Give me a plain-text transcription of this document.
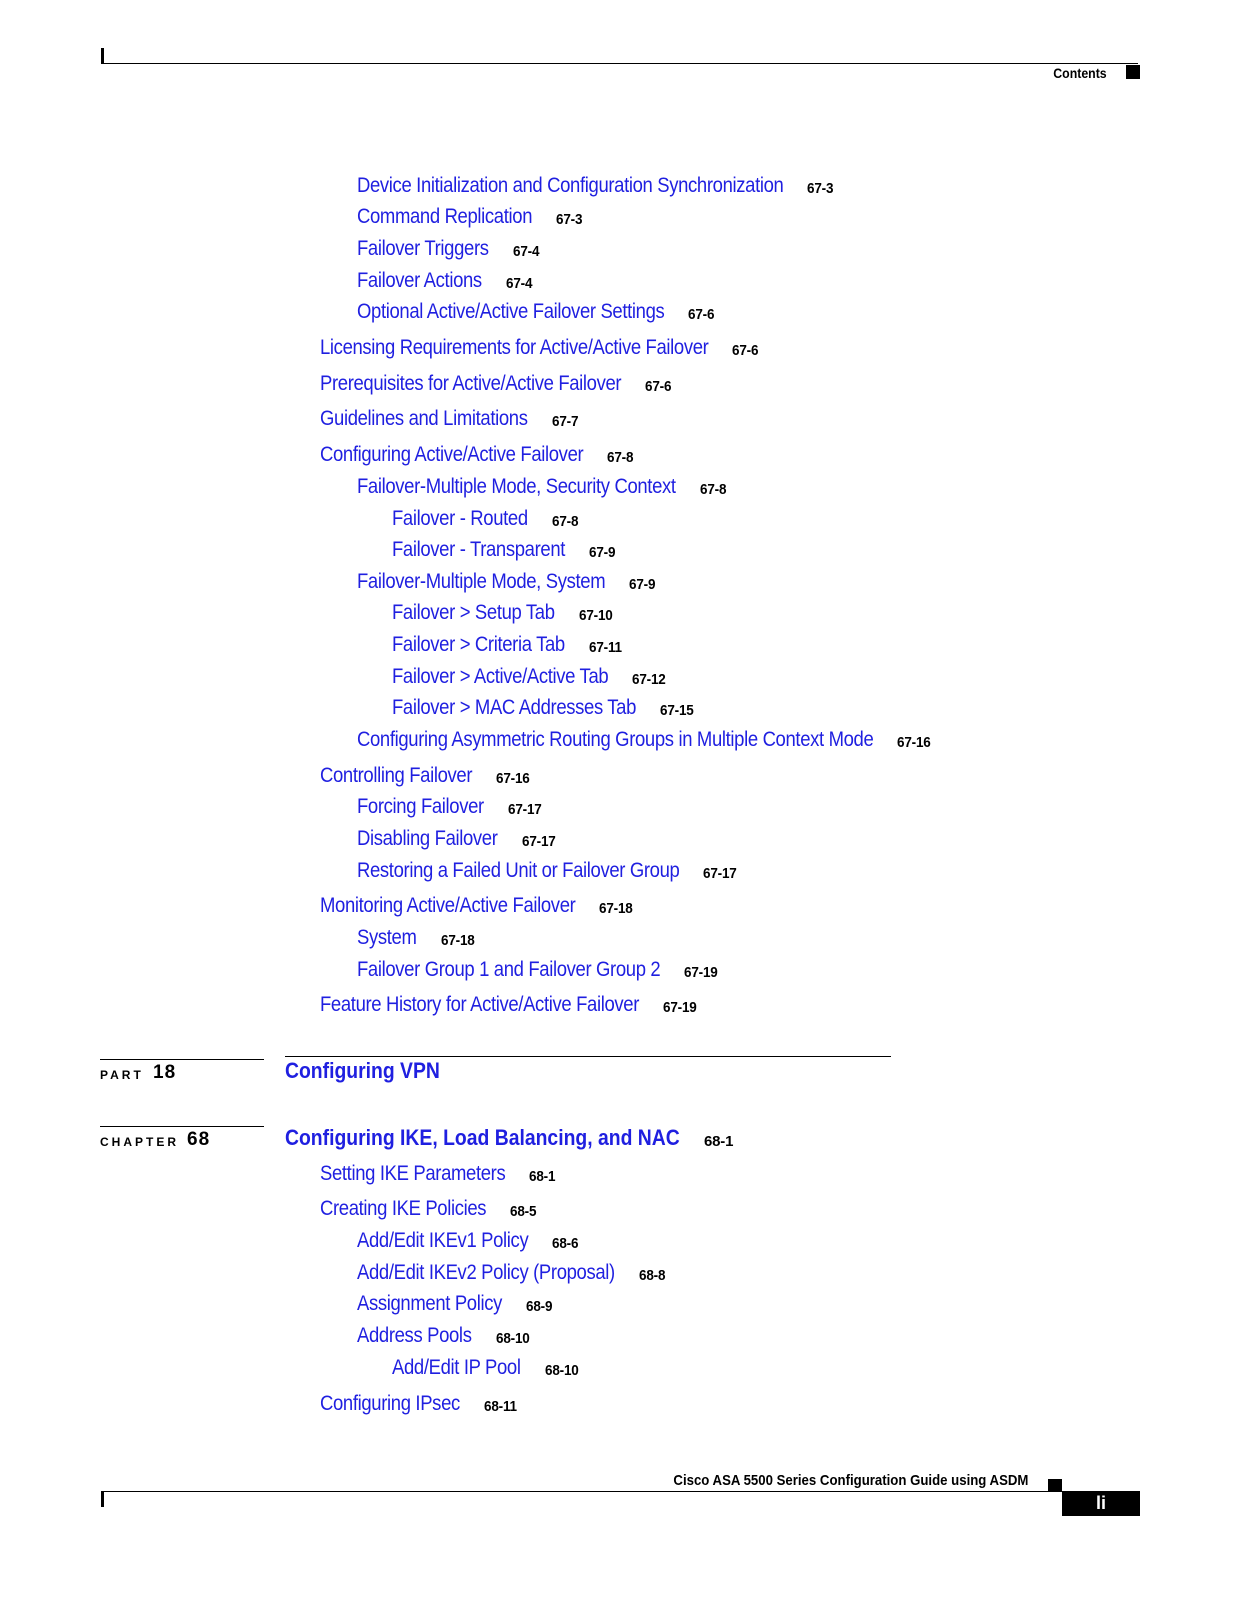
Contents
Device Initialization and Configuration Synchronization 67-3
Command Replication 67-3
Failover Triggers 67-4
Failover Actions 67-4
Optional Active/Active Failover Settings 67-6
Licensing Requirements for Active/Active Failover 67-6
Prerequisites for Active/Active Failover 67-6
Guidelines and Limitations 67-7
Configuring Active/Active Failover 67-8
Failover-Multiple Mode, Security Context 67-8
Failover - Routed 67-8
Failover - Transparent 67-9
Failover-Multiple Mode, System 67-9
Failover > Setup Tab 67-10
Failover > Criteria Tab 67-11
Failover > Active/Active Tab 67-12
Failover > MAC Addresses Tab 67-15
Configuring Asymmetric Routing Groups in Multiple Context Mode 67-16
Controlling Failover 67-16
Forcing Failover 67-17
Disabling Failover 67-17
Restoring a Failed Unit or Failover Group 67-17
Monitoring Active/Active Failover 67-18
System 67-18
Failover Group 1 and Failover Group 2 67-19
Feature History for Active/Active Failover 67-19
PART 18	Configuring VPN
CHAPTER 68	Configuring IKE, Load Balancing, and NAC 68-1
Setting IKE Parameters 68-1
Creating IKE Policies 68-5
Add/Edit IKEv1 Policy 68-6
Add/Edit IKEv2 Policy (Proposal) 68-8
Assignment Policy 68-9
Address Pools 68-10
Add/Edit IP Pool 68-10
Configuring IPsec 68-11
Cisco ASA 5500 Series Configuration Guide using ASDM
li
